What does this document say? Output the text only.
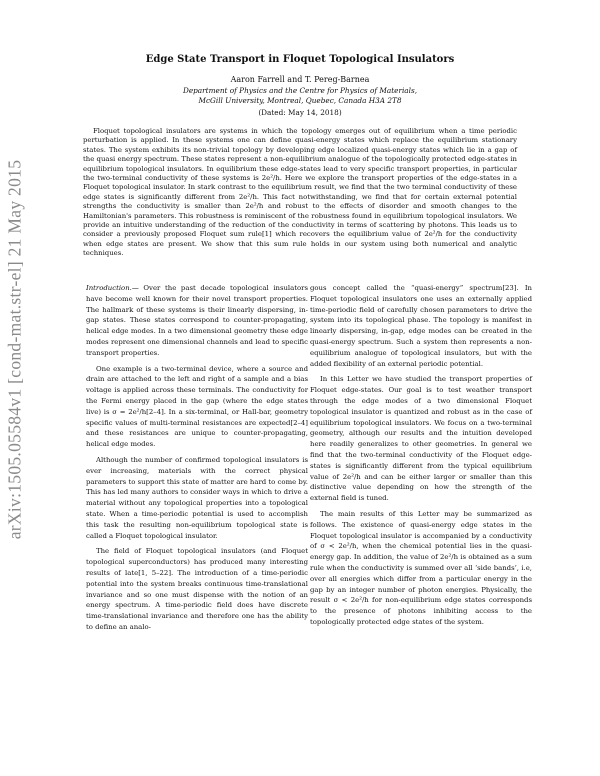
arXiv:1505.05584v1 [cond-mat.str-el] 21 May 2015
Edge State Transport in Floquet Topological Insulators
Aaron Farrell and T. Pereg-Barnea
Department of Physics and the Centre for Physics of Materials,
McGill University, Montreal, Quebec, Canada H3A 2T8
(Dated: May 14, 2018)

Floquet topological insulators are systems in which the topology emerges out of equilibrium when a time periodic perturbation is applied. In these systems one can define quasi-energy states which replace the equilibrium stationary states. The system exhibits its non-trivial topology by developing edge localized quasi-energy states which lie in a gap of the quasi energy spectrum. These states represent a non-equilibrium analogue of the topologically protected edge-states in equilibrium topological insulators. In equilibrium these edge-states lead to very specific transport properties, in particular the two-terminal conductivity of these systems is 2e²/h. Here we explore the transport properties of the edge-states in a Floquet topological insulator. In stark contrast to the equilibrium result, we find that the two terminal conductivity of these edge states is significantly different from 2e²/h. This fact notwithstanding, we find that for certain external potential strengths the conductivity is smaller than 2e²/h and robust to the effects of disorder and smooth changes to the Hamiltonian's parameters. This robustness is reminiscent of the robustness found in equilibrium topological insulators. We provide an intuitive understanding of the reduction of the conductivity in terms of scattering by photons. This leads us to consider a previously proposed Floquet sum rule[1] which recovers the equilibrium value of 2e²/h for the conductivity when edge states are present. We show that this sum rule holds in our system using both numerical and analytic techniques.

Introduction.— Over the past decade topological insulators have become well known for their novel transport properties. The hallmark of these systems is their linearly dispersing, in-gap states. These states correspond to counter-propagating, helical edge modes. In a two dimensional geometry these edge modes represent one dimensional channels and lead to specific transport properties.

One example is a two-terminal device, where a source and drain are attached to the left and right of a sample and a bias voltage is applied across these terminals. The conductivity for the Fermi energy placed in the gap (where the edge states live) is σ = 2e²/h[2–4]. In a six-terminal, or Hall-bar, geometry specific values of multi-terminal resistances are expected[2–4] and these resistances are unique to counter-propagating, helical edge modes.

Although the number of confirmed topological insulators is ever increasing, materials with the correct physical parameters to support this state of matter are hard to come by. This has led many authors to consider ways in which to drive a material without any topological properties into a topological state. When a time-periodic potential is used to accomplish this task the resulting non-equilibrium topological state is called a Floquet topological insulator.

The field of Floquet topological insulators (and Floquet topological superconductors) has produced many interesting results of late[1, 5–22]. The introduction of a time-periodic potential into the system breaks continuous time-translational invariance and so one must dispense with the notion of an energy spectrum. A time-periodic field does have discrete time-translational invariance and therefore one has the ability to define an analo-

gous concept called the “quasi-energy” spectrum[23]. In Floquet topological insulators one uses an externally applied time-periodic field of carefully chosen parameters to drive the system into its topological phase. The topology is manifest in linearly dispersing, in-gap, edge modes can be created in the quasi-energy spectrum. Such a system then represents a non-equilibrium analogue of topological insulators, but with the added flexibility of an external periodic potential.

In this Letter we have studied the transport properties of Floquet edge-states. Our goal is to test weather transport through the edge modes of a two dimensional Floquet topological insulator is quantized and robust as in the case of equilibrium topological insulators. We focus on a two-terminal geometry, although our results and the intuition developed here readily generalizes to other geometries. In general we find that the two-terminal conductivity of the Floquet edge-states is significantly different from the typical equilibrium value of 2e²/h and can be either larger or smaller than this distinctive value depending on how the strength of the external field is tuned.

The main results of this Letter may be summarized as follows. The existence of quasi-energy edge states in the Floquet topological insulator is accompanied by a conductivity of σ < 2e²/h, when the chemical potential lies in the quasi-energy gap. In addition, the value of 2e²/h is obtained as a sum rule when the conductivity is summed over all ‘side bands’, i.e, over all energies which differ from a particular energy in the gap by an integer number of photon energies. Physically, the result σ < 2e²/h for non-equilibrium edge states corresponds to the presence of photons inhibiting access to the topologically protected edge states of the system.
